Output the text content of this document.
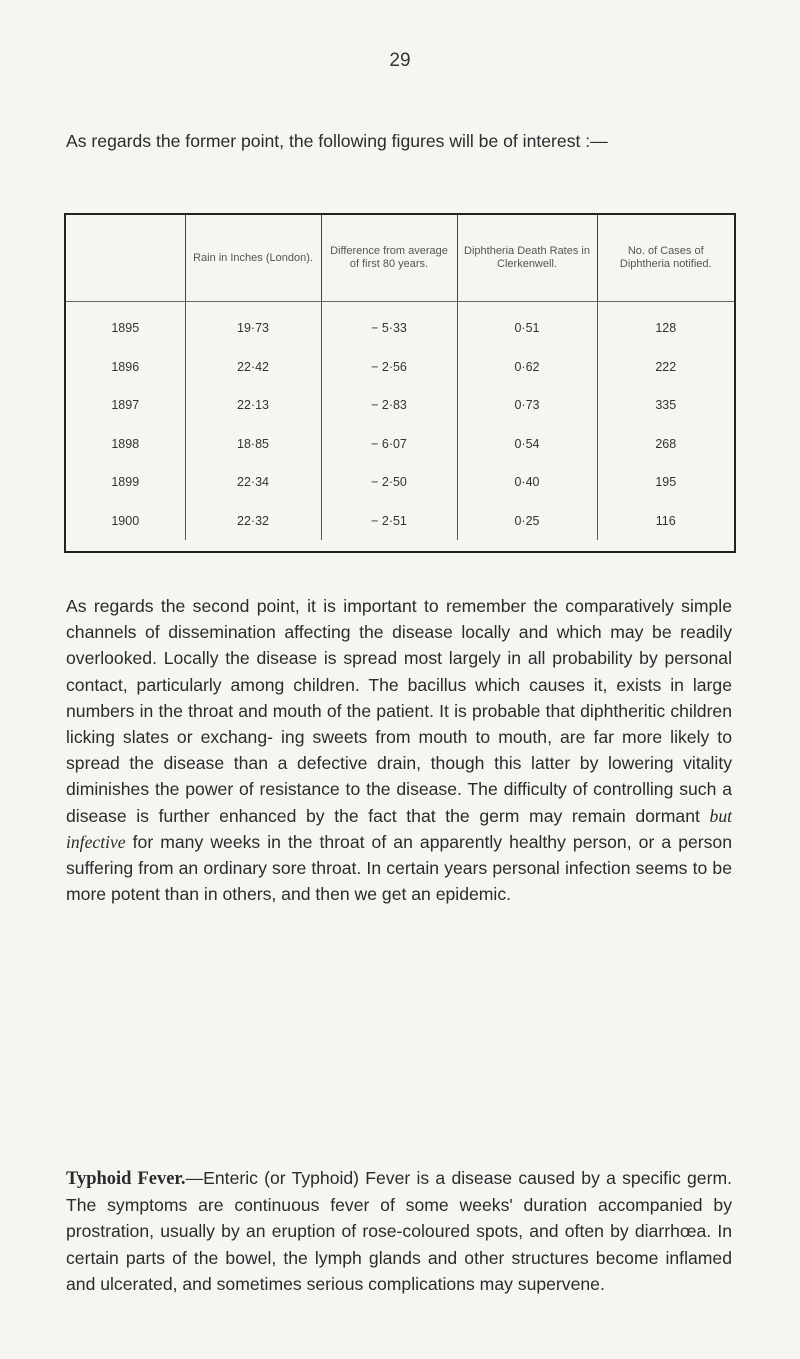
29

As regards the former point, the following figures will be of interest :—

	Rain in Inches (London).	Difference from average of first 80 years.	Diphtheria Death Rates in Clerkenwell.	No. of Cases of Diphtheria notified.
1895	19·73	− 5·33	0·51	128
1896	22·42	− 2·56	0·62	222
1897	22·13	− 2·83	0·73	335
1898	18·85	− 6·07	0·54	268
1899	22·34	− 2·50	0·40	195
1900	22·32	− 2·51	0·25	116

As regards the second point, it is important to remember the comparatively simple channels of dissemination affecting the disease locally and which may be readily overlooked. Locally the disease is spread most largely in all probability by personal contact, particularly among children. The bacillus which causes it, exists in large numbers in the throat and mouth of the patient. It is probable that diphtheritic children licking slates or exchang- ing sweets from mouth to mouth, are far more likely to spread the disease than a defective drain, though this latter by lowering vitality diminishes the power of resistance to the disease. The difficulty of controlling such a disease is further enhanced by the fact that the germ may remain dormant but infective for many weeks in the throat of an apparently healthy person, or a person suffering from an ordinary sore throat. In certain years personal infection seems to be more potent than in others, and then we get an epidemic.

Typhoid Fever.—Enteric (or Typhoid) Fever is a disease caused by a specific germ. The symptoms are continuous fever of some weeks' duration accompanied by prostration, usually by an eruption of rose-coloured spots, and often by diarrhœa. In certain parts of the bowel, the lymph glands and other structures become inflamed and ulcerated, and sometimes serious complications may supervene.
